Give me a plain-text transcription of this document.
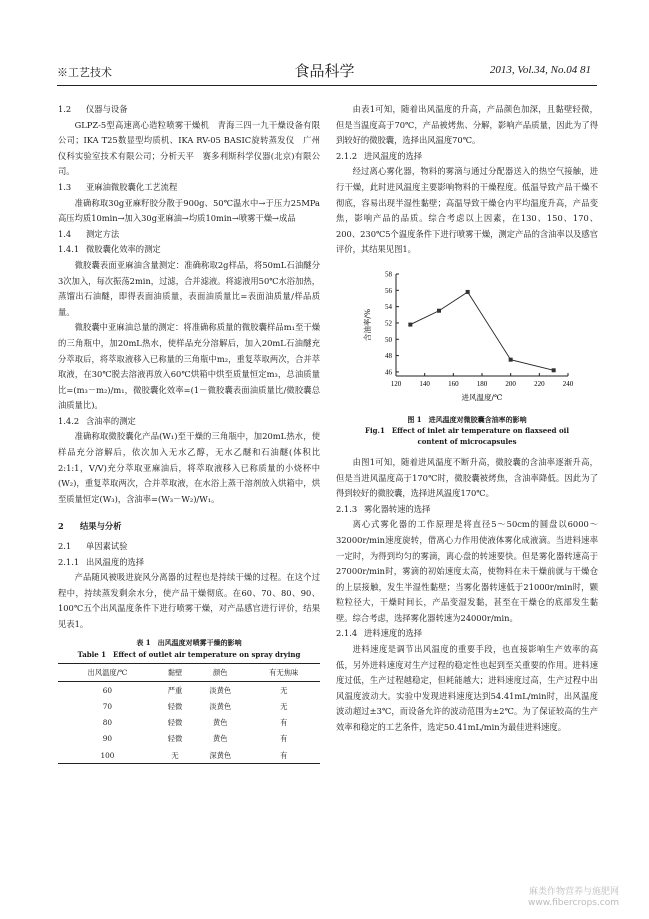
※工艺技术	食品科学	2013, Vol.34, No.04 81

1.2 仪器与设备

GLPZ-5型高速离心造粒喷雾干燥机　青海三四一九干燥设备有限公司；IKA T25数显型均质机、IKA RV-05 BASIC旋转蒸发仪　广州仪科实验室技术有限公司；分析天平　赛多利斯科学仪器(北京)有限公司。

1.3 亚麻油微胶囊化工艺流程

准确称取30g亚麻籽胶分散于900g、50℃温水中→于压力25MPa高压均质10min→加入30g亚麻油→均质10min→喷雾干燥→成品

1.4 测定方法

1.4.1 微胶囊化效率的测定

微胶囊表面亚麻油含量测定：准确称取2g样品，将50mL石油醚分3次加入，每次振荡2min，过滤，合并滤液。将滤液用50℃水浴加热，蒸馏出石油醚，即得表面油质量，表面油质量比=表面油质量/样品质量。

微胶囊中亚麻油总量的测定：将准确称质量的微胶囊样品m₁至干燥的三角瓶中，加20mL热水，使样品充分溶解后，加入20mL石油醚充分萃取后，将萃取液移入已称量的三角瓶中m₂，重复萃取两次，合并萃取液，在30℃脱去溶液再放入60℃烘箱中烘至质量恒定m₃，总油质量比=(m₃－m₂)/m₁，微胶囊化效率=(1－微胶囊表面油质量比/微胶囊总油质量比)。

1.4.2 含油率的测定

准确称取微胶囊化产品(W₁)至干燥的三角瓶中，加20mL热水，使样品充分溶解后，依次加入无水乙醇，无水乙醚和石油醚(体积比2:1:1，V/V)充分萃取亚麻油后，将萃取液移入已称质量的小烧杯中(W₂)，重复萃取两次，合并萃取液，在水浴上蒸干溶剂放入烘箱中，烘至质量恒定(W₃)，含油率=(W₃－W₂)/W₁。

2 结果与分析

2.1 单因素试验

2.1.1 出风温度的选择

产品随风被吸进旋风分离器的过程也是持续干燥的过程。在这个过程中，持续蒸发剩余水分，使产品干燥彻底。在60、70、80、90、100℃五个出风温度条件下进行喷雾干燥，对产品感官进行评价，结果见表1。

表 1　出风温度对喷雾干燥的影响
Table 1　Effect of outlet air temperature on spray drying
出风温度/℃	黏壁	颜色	有无焦味
60	严重	淡黄色	无
70	轻微	淡黄色	无
80	轻微	黄色	有
90	轻微	黄色	有
100	无	深黄色	有

由表1可知，随着出风温度的升高，产品颜色加深，且黏壁轻微，但是当温度高于70℃，产品被烤焦、分解，影响产品质量，因此为了得到较好的微胶囊，选择出风温度70℃。

2.1.2 进风温度的选择

经过离心雾化器，物料的雾滴与通过分配器送入的热空气接触，进行干燥，此时进风温度主要影响物料的干燥程度。低温导致产品干燥不彻底，容易出现半湿性黏壁；高温导致干燥仓内平均温度升高，产品变焦，影响产品的品质。综合考虑以上因素，在130、150、170、200、230℃5个温度条件下进行喷雾干燥，测定产品的含油率以及感官评价，其结果见图1。

120	140	160	180	200	220	240
46
48
50
52
54
56
58
进风温度/℃
含油率/%
图 1　进风温度对微胶囊含油率的影响
Fig.1　Effect of inlet air temperature on flaxseed oil content of microcapsules

由图1可知，随着进风温度不断升高，微胶囊的含油率逐渐升高，但是当进风温度高于170℃时，微胶囊被烤焦，含油率降低。因此为了得到较好的微胶囊，选择进风温度170℃。

2.1.3 雾化器转速的选择

离心式雾化器的工作原理是将直径5～50cm的圆盘以6000～32000r/min速度旋转，借离心力作用使液体雾化成液滴。当进料速率一定时，为得到均匀的雾滴，离心盘的转速要快。但是雾化器转速高于27000r/min时，雾滴的初始速度太高，使物料在未干燥前就与干燥仓的上层接触，发生半湿性黏壁；当雾化器转速低于21000r/min时，颗粒粒径大，干燥时间长，产品变湿发黏，甚至在干燥仓的底部发生黏壁。综合考虑，选择雾化器转速为24000r/min。

2.1.4 进料速度的选择

进料速度是调节出风温度的重要手段，也直接影响生产效率的高低，另外进料速度对生产过程的稳定性也起到至关重要的作用。进料速度过低，生产过程越稳定，但耗能越大；进料速度过高，生产过程中出风温度波动大。实验中发现进料速度达到54.41mL/min时，出风温度波动超过±3℃，而设备允许的波动范围为±2℃。为了保证较高的生产效率和稳定的工艺条件，选定50.41mL/min为最佳进料速度。

麻类作物营养与施肥网
www.fibercrops.com
